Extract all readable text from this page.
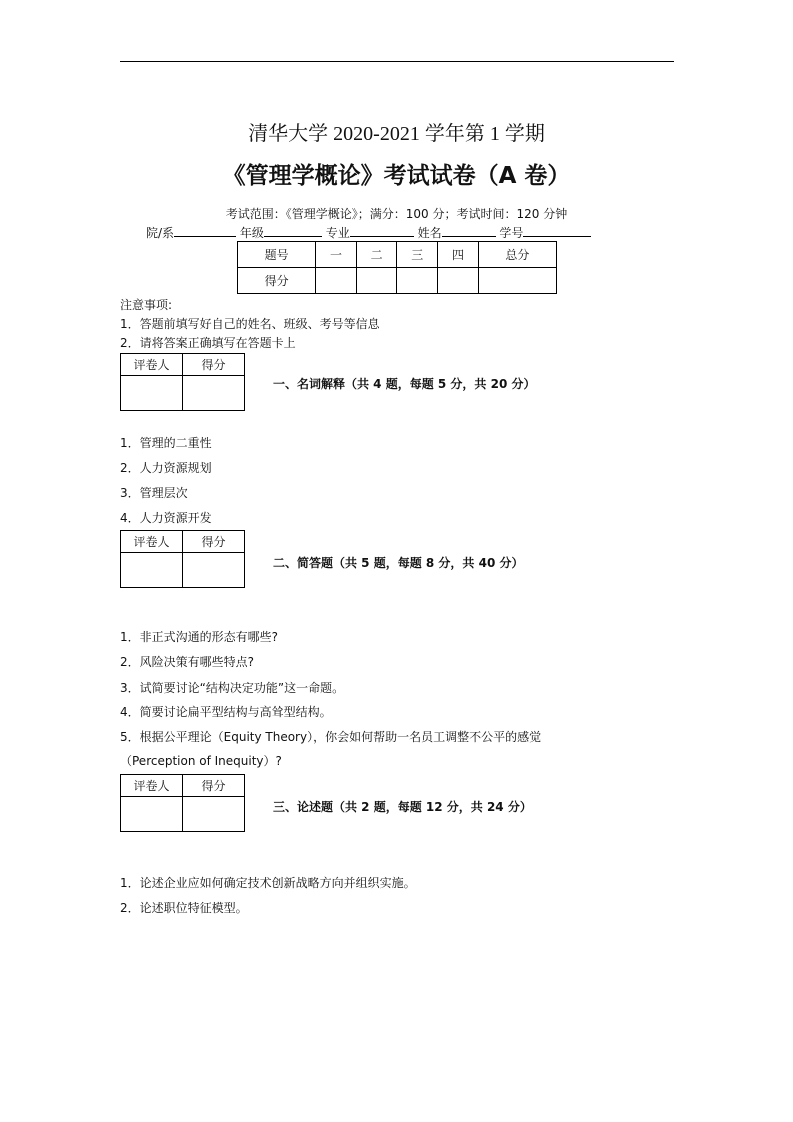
清华大学 2020-2021 学年第 1 学期
《管理学概论》考试试卷（A 卷）
考试范围：《管理学概论》；满分：100 分；考试时间：120 分钟
院/系	年级	专业	姓名	学号
题号	一	二	三	四	总分
得分					
注意事项:
1．答题前填写好自己的姓名、班级、考号等信息
2．请将答案正确填写在答题卡上
评卷人	得分

一、名词解释（共 4 题，每题 5 分，共 20 分）
1．管理的二重性
2．人力资源规划
3．管理层次
4．人力资源开发
评卷人	得分

二、简答题（共 5 题，每题 8 分，共 40 分）
1．非正式沟通的形态有哪些?
2．风险决策有哪些特点?
3．试简要讨论“结构决定功能”这一命题。
4．简要讨论扁平型结构与高耸型结构。
5．根据公平理论（Equity Theory），你会如何帮助一名员工调整不公平的感觉
（Perception of Inequity）?
评卷人	得分

三、论述题（共 2 题，每题 12 分，共 24 分）
1．论述企业应如何确定技术创新战略方向并组织实施。
2．论述职位特征模型。
